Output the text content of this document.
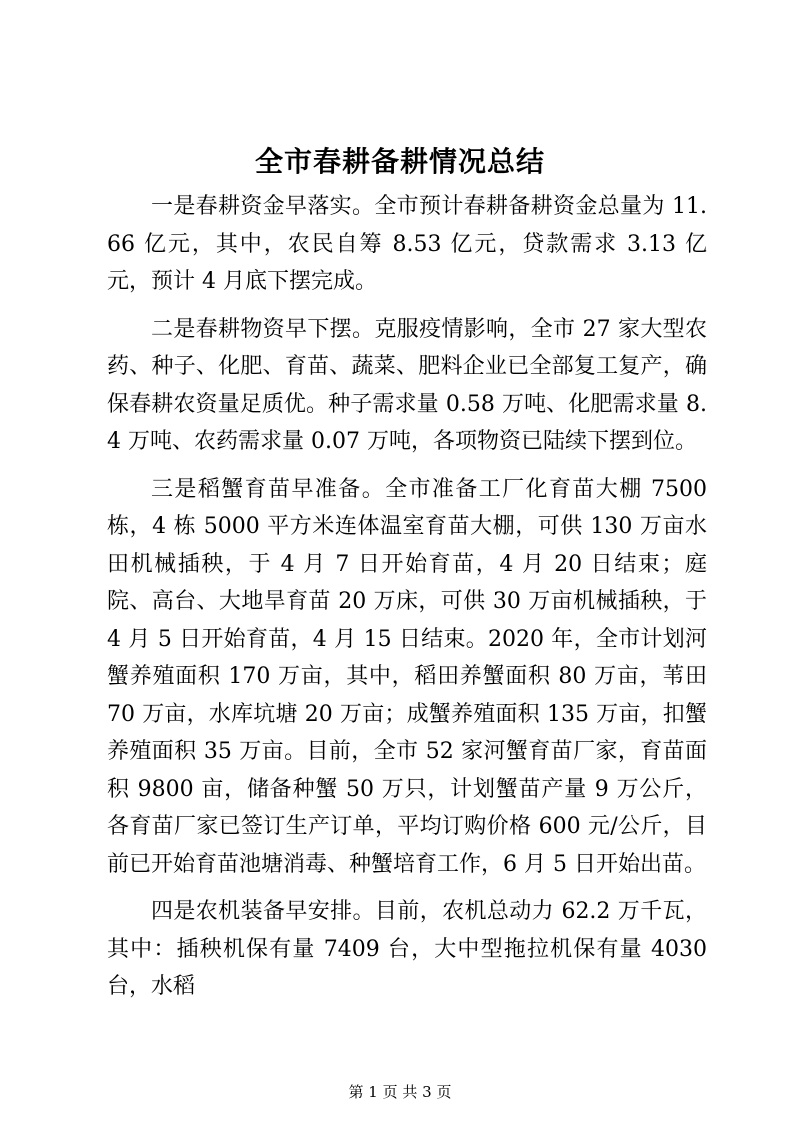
全市春耕备耕情况总结

一是春耕资金早落实。全市预计春耕备耕资金总量为 11.66 亿元，其中，农民自筹 8.53 亿元，贷款需求 3.13 亿元，预计 4 月底下摆完成。

二是春耕物资早下摆。克服疫情影响，全市 27 家大型农药、种子、化肥、育苗、蔬菜、肥料企业已全部复工复产，确保春耕农资量足质优。种子需求量 0.58 万吨、化肥需求量 8.4 万吨、农药需求量 0.07 万吨，各项物资已陆续下摆到位。

三是稻蟹育苗早准备。全市准备工厂化育苗大棚 7500 栋，4 栋 5000 平方米连体温室育苗大棚，可供 130 万亩水田机械插秧，于 4 月 7 日开始育苗，4 月 20 日结束；庭院、高台、大地旱育苗 20 万床，可供 30 万亩机械插秧，于 4 月 5 日开始育苗，4 月 15 日结束。2020 年，全市计划河蟹养殖面积 170 万亩，其中，稻田养蟹面积 80 万亩，苇田 70 万亩，水库坑塘 20 万亩；成蟹养殖面积 135 万亩，扣蟹养殖面积 35 万亩。目前，全市 52 家河蟹育苗厂家，育苗面积 9800 亩，储备种蟹 50 万只，计划蟹苗产量 9 万公斤，各育苗厂家已签订生产订单，平均订购价格 600 元/公斤，目前已开始育苗池塘消毒、种蟹培育工作，6 月 5 日开始出苗。

四是农机装备早安排。目前，农机总动力 62.2 万千瓦，其中：插秧机保有量 7409 台，大中型拖拉机保有量 4030 台，水稻

第 1 页 共 3 页
